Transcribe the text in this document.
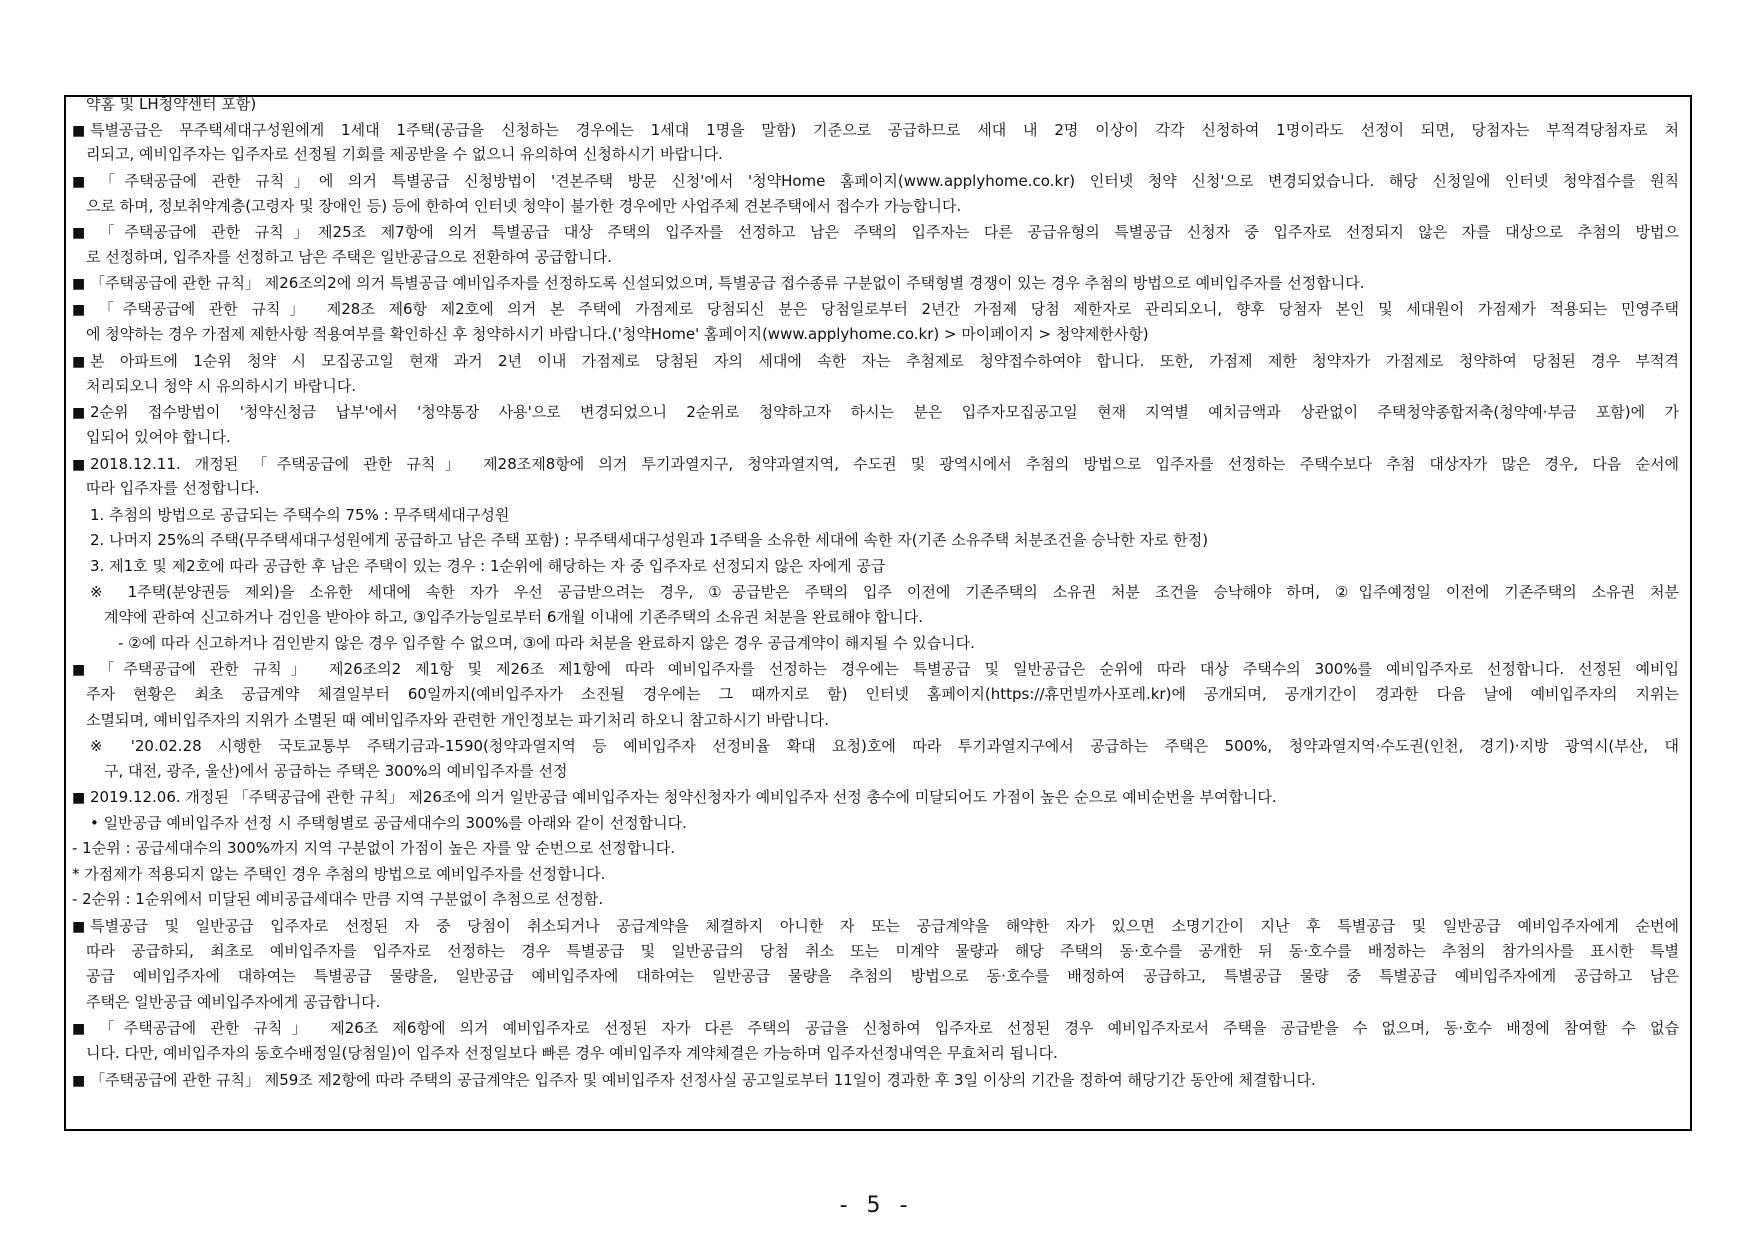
- 5 -
약홈 및 LH청약센터 포함)
■ 특별공급은 무주택세대구성원에게 1세대 1주택(공급을 신청하는 경우에는 1세대 1명을 말함) 기준으로 공급하므로 세대 내 2명 이상이 각각 신청하여 1명이라도 선정이 되면, 당첨자는 부적격당첨자로 처
리되고, 예비입주자는 입주자로 선정될 기회를 제공받을 수 없으니 유의하여 신청하시기 바랍니다.
■ 「주택공급에 관한 규칙」에 의거 특별공급 신청방법이 '견본주택 방문 신청'에서 '청약Home 홈페이지(www.applyhome.co.kr) 인터넷 청약 신청'으로 변경되었습니다. 해당 신청일에 인터넷 청약접수를 원칙
으로 하며, 정보취약계층(고령자 및 장애인 등) 등에 한하여 인터넷 청약이 불가한 경우에만 사업주체 견본주택에서 접수가 가능합니다.
■ 「주택공급에 관한 규칙」제25조 제7항에 의거 특별공급 대상 주택의 입주자를 선정하고 남은 주택의 입주자는 다른 공급유형의 특별공급 신청자 중 입주자로 선정되지 않은 자를 대상으로 추첨의 방법으
로 선정하며, 입주자를 선정하고 남은 주택은 일반공급으로 전환하여 공급합니다.
■ 「주택공급에 관한 규칙」 제26조의2에 의거 특별공급 예비입주자를 선정하도록 신설되었으며, 특별공급 접수종류 구분없이 주택형별 경쟁이 있는 경우 추첨의 방법으로 예비입주자를 선정합니다.
■ 「주택공급에 관한 규칙」 제28조 제6항 제2호에 의거 본 주택에 가점제로 당첨되신 분은 당첨일로부터 2년간 가점제 당첨 제한자로 관리되오니, 향후 당첨자 본인 및 세대원이 가점제가 적용되는 민영주택
에 청약하는 경우 가점제 제한사항 적용여부를 확인하신 후 청약하시기 바랍니다.('청약Home' 홈페이지(www.applyhome.co.kr) > 마이페이지 > 청약제한사항)
■ 본 아파트에 1순위 청약 시 모집공고일 현재 과거 2년 이내 가점제로 당첨된 자의 세대에 속한 자는 추첨제로 청약접수하여야 합니다. 또한, 가점제 제한 청약자가 가점제로 청약하여 당첨된 경우 부적격
처리되오니 청약 시 유의하시기 바랍니다.
■ 2순위 접수방법이 '청약신청금 납부'에서 '청약통장 사용'으로 변경되었으니 2순위로 청약하고자 하시는 분은 입주자모집공고일 현재 지역별 예치금액과 상관없이 주택청약종합저축(청약예·부금 포함)에 가
입되어 있어야 합니다.
■ 2018.12.11. 개정된 「주택공급에 관한 규칙」 제28조제8항에 의거 투기과열지구, 청약과열지역, 수도권 및 광역시에서 추첨의 방법으로 입주자를 선정하는 주택수보다 추첨 대상자가 많은 경우, 다음 순서에
따라 입주자를 선정합니다.
1. 추첨의 방법으로 공급되는 주택수의 75% : 무주택세대구성원
2. 나머지 25%의 주택(무주택세대구성원에게 공급하고 남은 주택 포함) : 무주택세대구성원과 1주택을 소유한 세대에 속한 자(기존 소유주택 처분조건을 승낙한 자로 한정)
3. 제1호 및 제2호에 따라 공급한 후 남은 주택이 있는 경우 : 1순위에 해당하는 자 중 입주자로 선정되지 않은 자에게 공급
※ 1주택(분양권등 제외)을 소유한 세대에 속한 자가 우선 공급받으려는 경우, ①공급받은 주택의 입주 이전에 기존주택의 소유권 처분 조건을 승낙해야 하며, ②입주예정일 이전에 기존주택의 소유권 처분
계약에 관하여 신고하거나 검인을 받아야 하고, ③입주가능일로부터 6개월 이내에 기존주택의 소유권 처분을 완료해야 합니다.
- ②에 따라 신고하거나 검인받지 않은 경우 입주할 수 없으며, ③에 따라 처분을 완료하지 않은 경우 공급계약이 해지될 수 있습니다.
■ 「주택공급에 관한 규칙」 제26조의2 제1항 및 제26조 제1항에 따라 예비입주자를 선정하는 경우에는 특별공급 및 일반공급은 순위에 따라 대상 주택수의 300%를 예비입주자로 선정합니다. 선정된 예비입
주자 현황은 최초 공급계약 체결일부터 60일까지(예비입주자가 소진될 경우에는 그 때까지로 함) 인터넷 홈페이지(https://휴먼빌까사포레.kr)에 공개되며, 공개기간이 경과한 다음 날에 예비입주자의 지위는
소멸되며, 예비입주자의 지위가 소멸된 때 예비입주자와 관련한 개인정보는 파기처리 하오니 참고하시기 바랍니다.
※ '20.02.28 시행한 국토교통부 주택기금과-1590(청약과열지역 등 예비입주자 선정비율 확대 요청)호에 따라 투기과열지구에서 공급하는 주택은 500%, 청약과열지역·수도권(인천, 경기)·지방 광역시(부산, 대
구, 대전, 광주, 울산)에서 공급하는 주택은 300%의 예비입주자를 선정
■ 2019.12.06. 개정된 「주택공급에 관한 규칙」 제26조에 의거 일반공급 예비입주자는 청약신청자가 예비입주자 선정 총수에 미달되어도 가점이 높은 순으로 예비순번을 부여합니다.
• 일반공급 예비입주자 선정 시 주택형별로 공급세대수의 300%를 아래와 같이 선정합니다.
- 1순위 : 공급세대수의 300%까지 지역 구분없이 가점이 높은 자를 앞 순번으로 선정합니다.
* 가점제가 적용되지 않는 주택인 경우 추첨의 방법으로 예비입주자를 선정합니다.
- 2순위 : 1순위에서 미달된 예비공급세대수 만큼 지역 구분없이 추첨으로 선정함.
■ 특별공급 및 일반공급 입주자로 선정된 자 중 당첨이 취소되거나 공급계약을 체결하지 아니한 자 또는 공급계약을 해약한 자가 있으면 소명기간이 지난 후 특별공급 및 일반공급 예비입주자에게 순번에
따라 공급하되, 최초로 예비입주자를 입주자로 선정하는 경우 특별공급 및 일반공급의 당첨 취소 또는 미계약 물량과 해당 주택의 동·호수를 공개한 뒤 동·호수를 배정하는 추첨의 참가의사를 표시한 특별
공급 예비입주자에 대하여는 특별공급 물량을, 일반공급 예비입주자에 대하여는 일반공급 물량을 추첨의 방법으로 동·호수를 배정하여 공급하고, 특별공급 물량 중 특별공급 예비입주자에게 공급하고 남은
주택은 일반공급 예비입주자에게 공급합니다.
■ 「주택공급에 관한 규칙」 제26조 제6항에 의거 예비입주자로 선정된 자가 다른 주택의 공급을 신청하여 입주자로 선정된 경우 예비입주자로서 주택을 공급받을 수 없으며, 동·호수 배정에 참여할 수 없습
니다. 다만, 예비입주자의 동호수배정일(당첨일)이 입주자 선정일보다 빠른 경우 예비입주자 계약체결은 가능하며 입주자선정내역은 무효처리 됩니다.
■ 「주택공급에 관한 규칙」 제59조 제2항에 따라 주택의 공급계약은 입주자 및 예비입주자 선정사실 공고일로부터 11일이 경과한 후 3일 이상의 기간을 정하여 해당기간 동안에 체결합니다.
